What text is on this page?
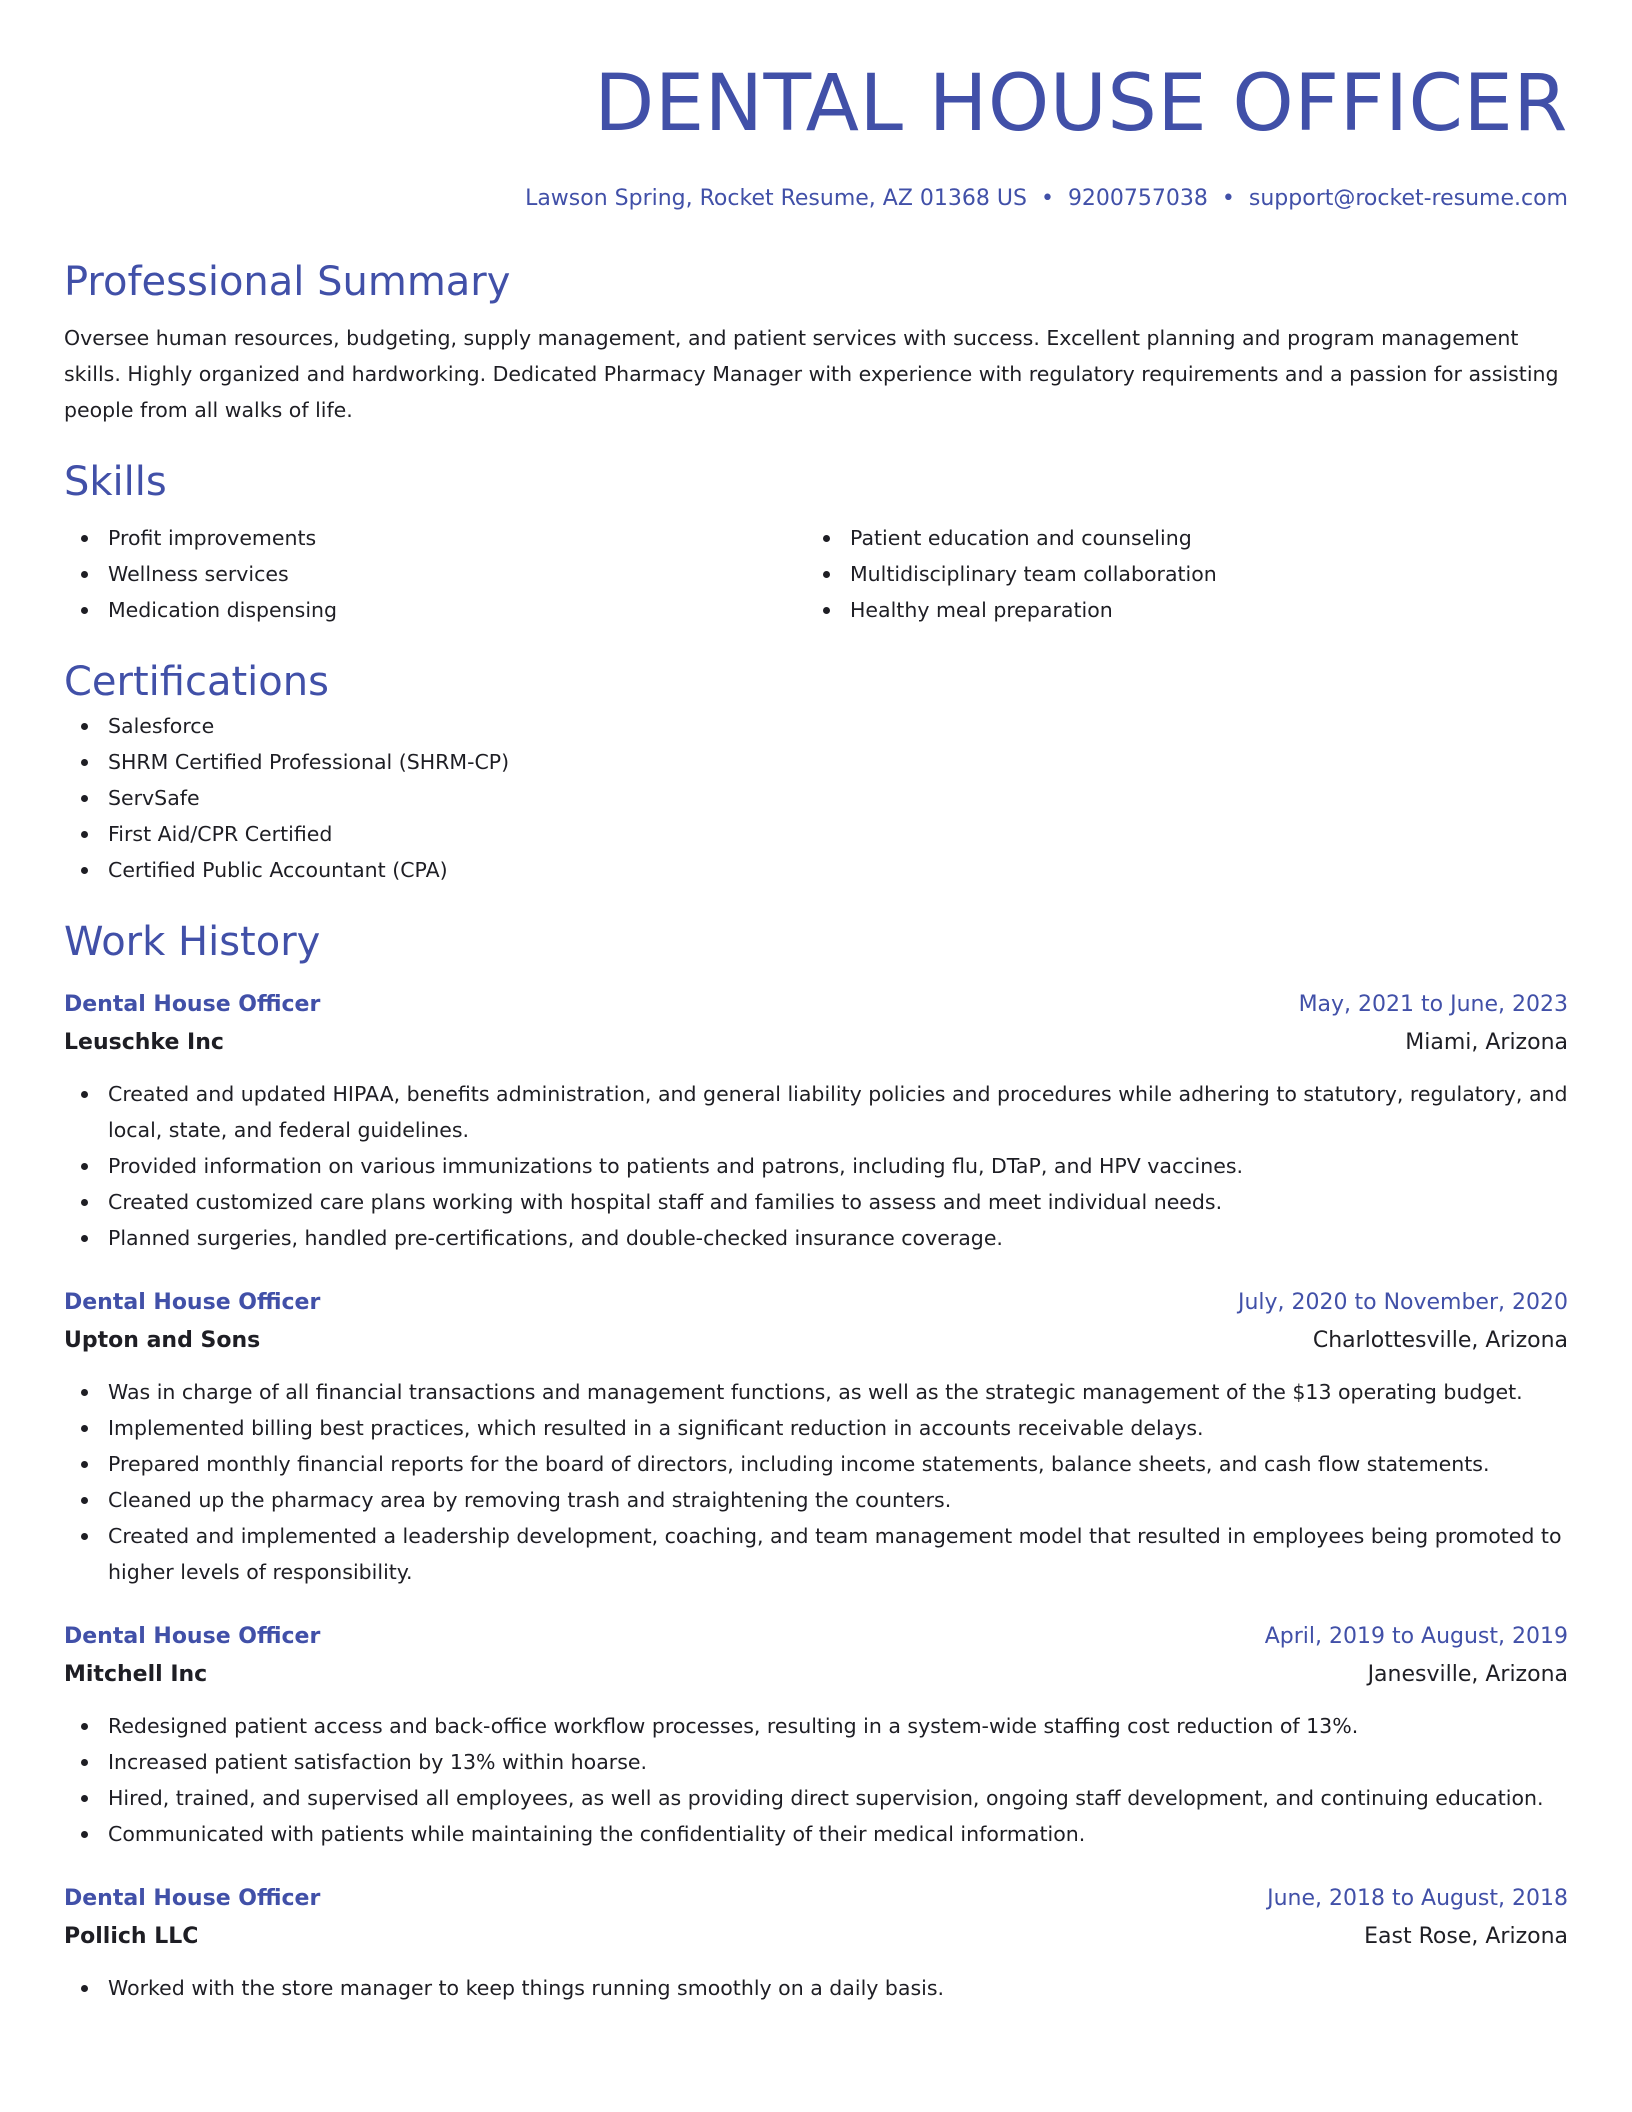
DENTAL HOUSE OFFICER
Lawson Spring, Rocket Resume, AZ 01368 US • 9200757038 • support@rocket-resume.com
Professional Summary
Oversee human resources, budgeting, supply management, and patient services with success. Excellent planning and program management skills. Highly organized and hardworking. Dedicated Pharmacy Manager with experience with regulatory requirements and a passion for assisting people from all walks of life.
Skills
Profit improvements
Wellness services
Medication dispensing
Patient education and counseling
Multidisciplinary team collaboration
Healthy meal preparation
Certifications
Salesforce
SHRM Certified Professional (SHRM-CP)
ServSafe
First Aid/CPR Certified
Certified Public Accountant (CPA)
Work History
Dental House Officer	May, 2021 to June, 2023
Leuschke Inc	Miami, Arizona
Created and updated HIPAA, benefits administration, and general liability policies and procedures while adhering to statutory, regulatory, and local, state, and federal guidelines.
Provided information on various immunizations to patients and patrons, including flu, DTaP, and HPV vaccines.
Created customized care plans working with hospital staff and families to assess and meet individual needs.
Planned surgeries, handled pre-certifications, and double-checked insurance coverage.
Dental House Officer	July, 2020 to November, 2020
Upton and Sons	Charlottesville, Arizona
Was in charge of all financial transactions and management functions, as well as the strategic management of the $13 operating budget.
Implemented billing best practices, which resulted in a significant reduction in accounts receivable delays.
Prepared monthly financial reports for the board of directors, including income statements, balance sheets, and cash flow statements.
Cleaned up the pharmacy area by removing trash and straightening the counters.
Created and implemented a leadership development, coaching, and team management model that resulted in employees being promoted to higher levels of responsibility.
Dental House Officer	April, 2019 to August, 2019
Mitchell Inc	Janesville, Arizona
Redesigned patient access and back-office workflow processes, resulting in a system-wide staffing cost reduction of 13%.
Increased patient satisfaction by 13% within hoarse.
Hired, trained, and supervised all employees, as well as providing direct supervision, ongoing staff development, and continuing education.
Communicated with patients while maintaining the confidentiality of their medical information.
Dental House Officer	June, 2018 to August, 2018
Pollich LLC	East Rose, Arizona
Worked with the store manager to keep things running smoothly on a daily basis.
